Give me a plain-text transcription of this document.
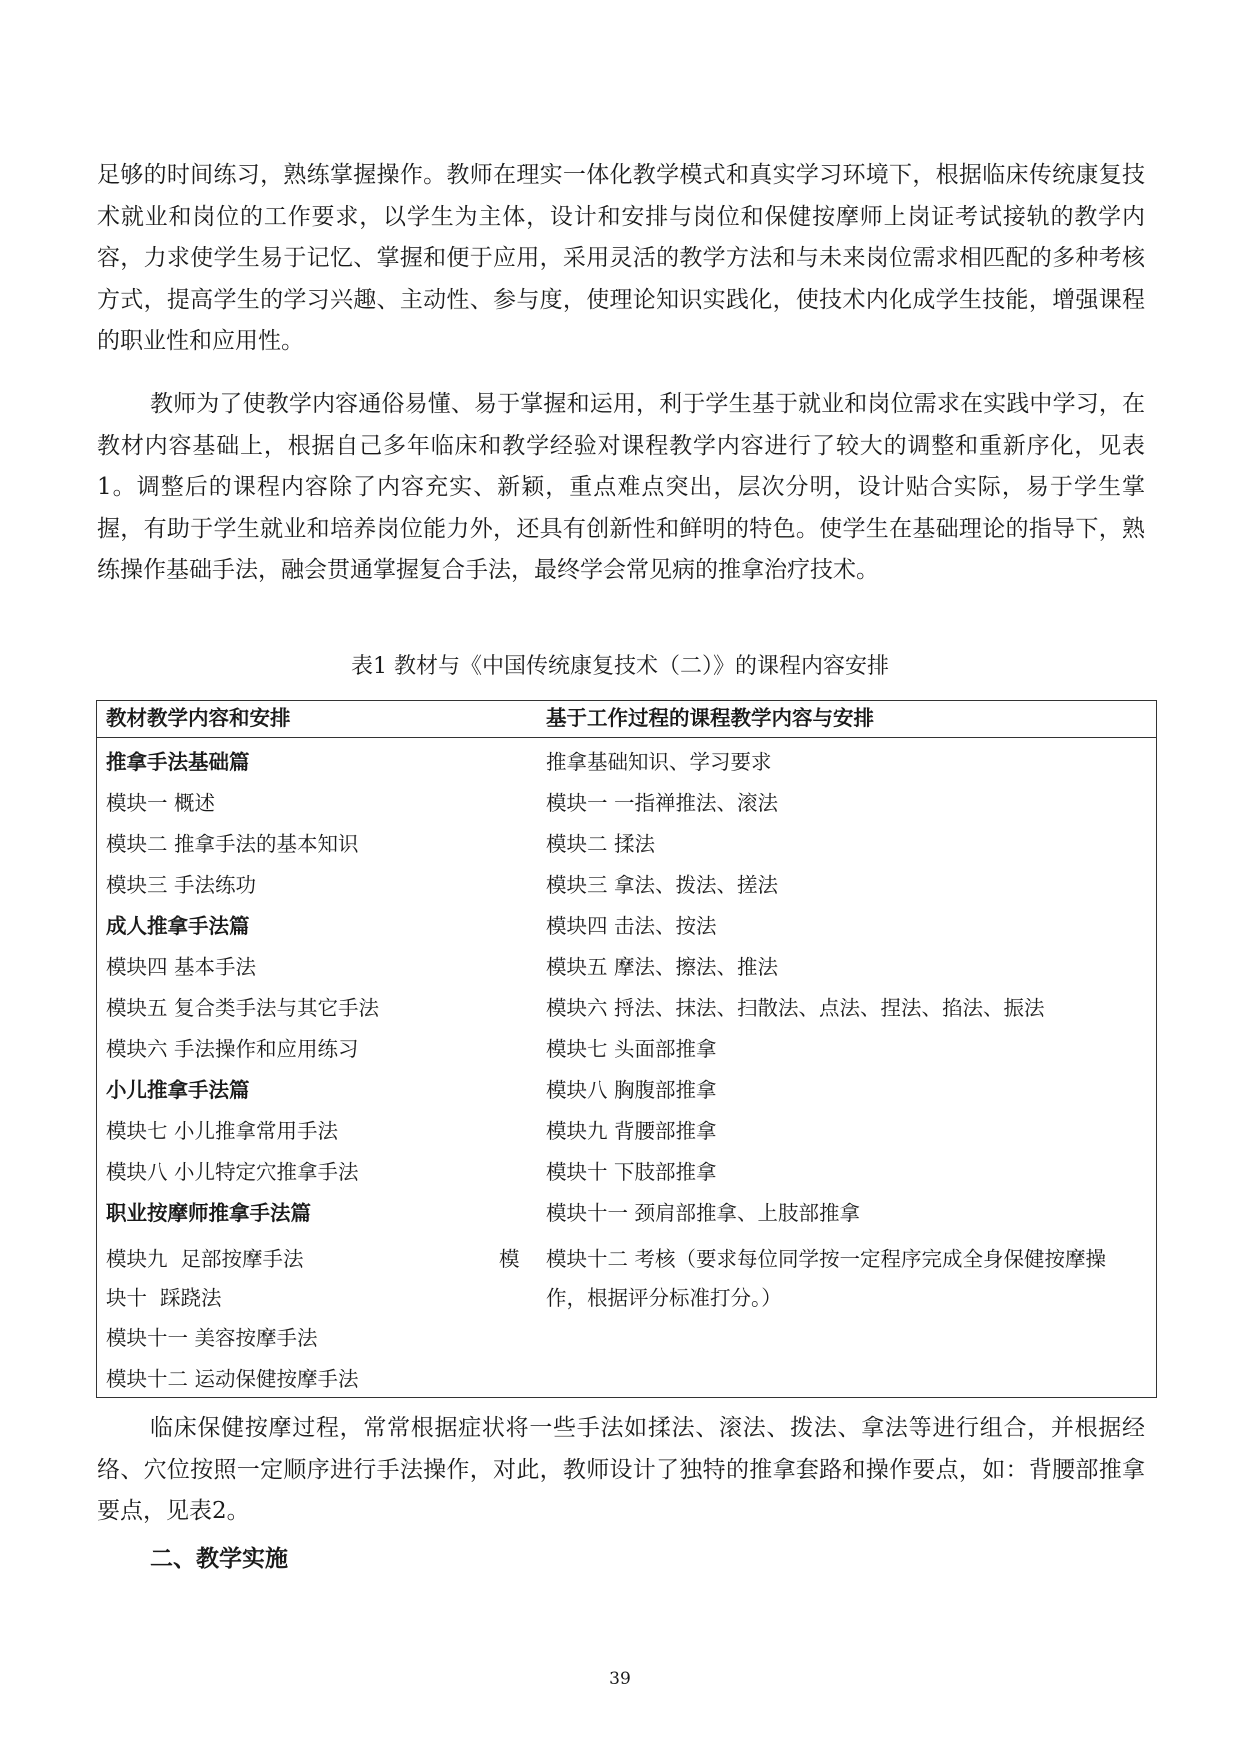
足够的时间练习，熟练掌握操作。教师在理实一体化教学模式和真实学习环境下，根据临床传统康复技术就业和岗位的工作要求，以学生为主体，设计和安排与岗位和保健按摩师上岗证考试接轨的教学内容，力求使学生易于记忆、掌握和便于应用，采用灵活的教学方法和与未来岗位需求相匹配的多种考核方式，提高学生的学习兴趣、主动性、参与度，使理论知识实践化，使技术内化成学生技能，增强课程的职业性和应用性。

教师为了使教学内容通俗易懂、易于掌握和运用，利于学生基于就业和岗位需求在实践中学习，在教材内容基础上，根据自己多年临床和教学经验对课程教学内容进行了较大的调整和重新序化，见表1。调整后的课程内容除了内容充实、新颖，重点难点突出，层次分明，设计贴合实际，易于学生掌握，有助于学生就业和培养岗位能力外，还具有创新性和鲜明的特色。使学生在基础理论的指导下，熟练操作基础手法，融会贯通掌握复合手法，最终学会常见病的推拿治疗技术。

表1 教材与《中国传统康复技术（二）》的课程内容安排

教材教学内容和安排	基于工作过程的课程教学内容与安排
推拿手法基础篇	推拿基础知识、学习要求
模块一 概述	模块一 一指禅推法、滚法
模块二 推拿手法的基本知识	模块二 揉法
模块三 手法练功	模块三 拿法、拨法、搓法
成人推拿手法篇	模块四 击法、按法
模块四 基本手法	模块五 摩法、擦法、推法
模块五 复合类手法与其它手法	模块六 捋法、抹法、扫散法、点法、捏法、掐法、振法
模块六 手法操作和应用练习	模块七 头面部推拿
小儿推拿手法篇	模块八 胸腹部推拿
模块七 小儿推拿常用手法	模块九 背腰部推拿
模块八 小儿特定穴推拿手法	模块十 下肢部推拿
职业按摩师推拿手法篇	模块十一 颈肩部推拿、上肢部推拿
模块九  足部按摩手法                              模块十  踩跷法	模块十二 考核（要求每位同学按一定程序完成全身保健按摩操作，根据评分标准打分。）
模块十一 美容按摩手法	
模块十二 运动保健按摩手法	

临床保健按摩过程，常常根据症状将一些手法如揉法、滚法、拨法、拿法等进行组合，并根据经络、穴位按照一定顺序进行手法操作，对此，教师设计了独特的推拿套路和操作要点，如：背腰部推拿要点，见表2。

二、教学实施

39
